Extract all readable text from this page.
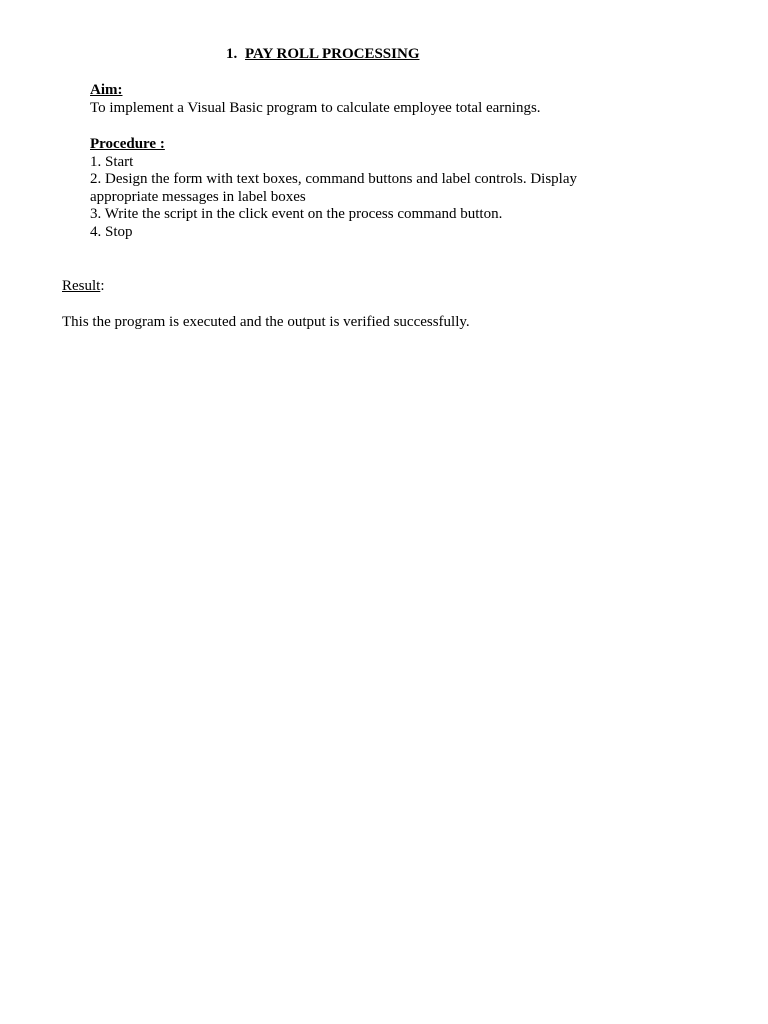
1. PAY ROLL PROCESSING
Aim:
To implement a Visual Basic program to calculate employee total earnings.
Procedure :
1. Start
2. Design the form with text boxes, command buttons and label controls. Display
appropriate messages in label boxes
3. Write the script in the click event on the process command button.
4. Stop
Result:
This the program is executed and the output is verified successfully.
